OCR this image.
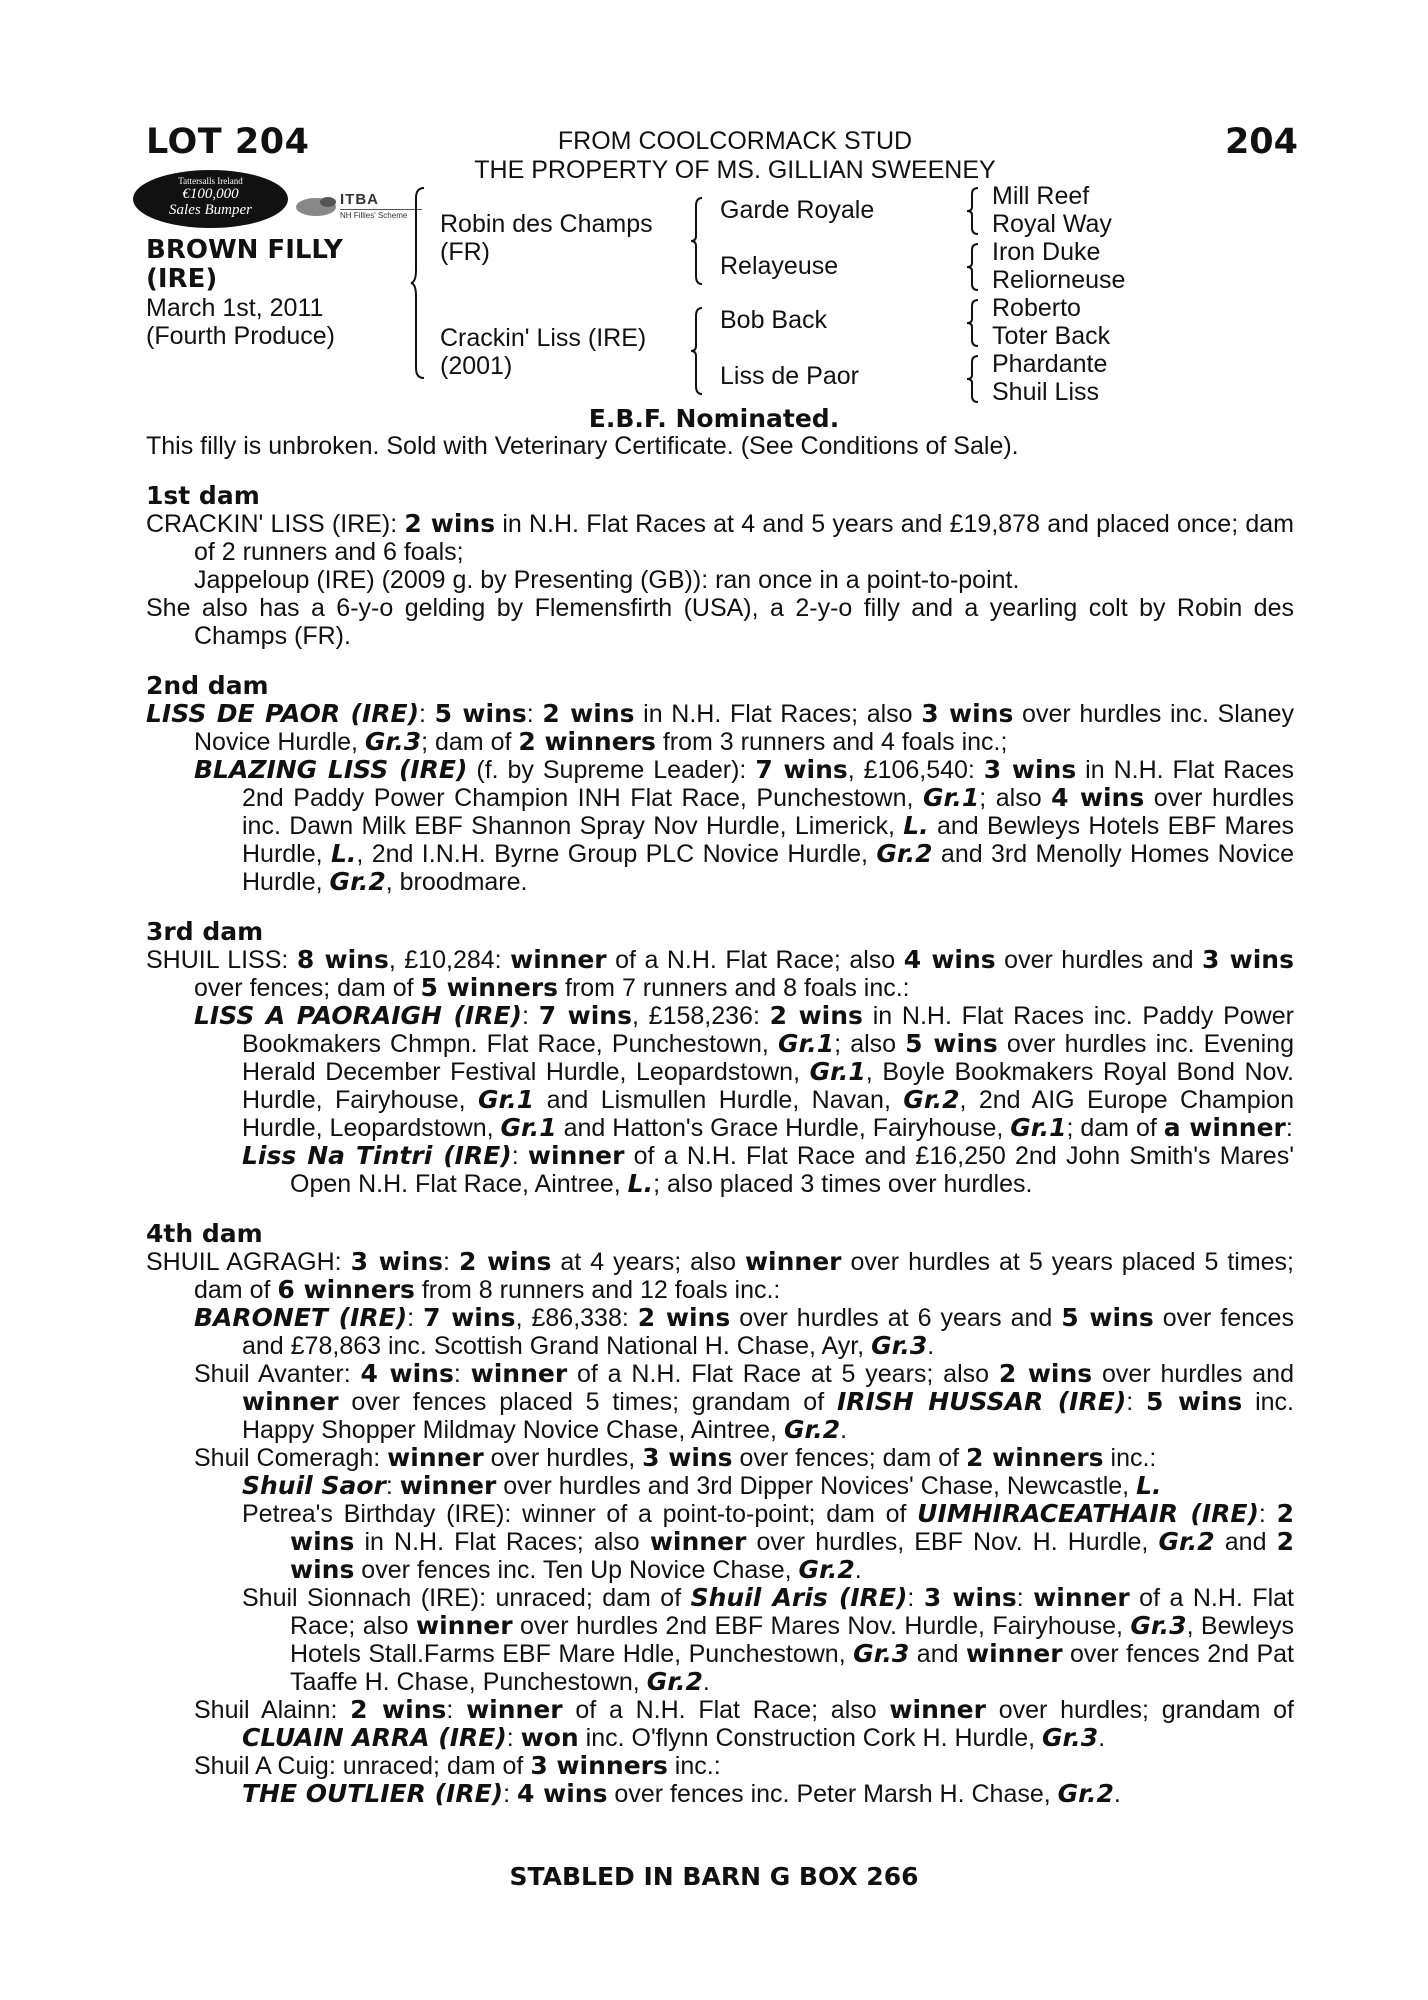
LOT 204	204
FROM COOLCORMACK STUD
THE PROPERTY OF MS. GILLIAN SWEENEY
Tattersalls Ireland
€100,000
Sales Bumper
ITBA
NH Fillies' Scheme
BROWN FILLY
(IRE)
March 1st, 2011
(Fourth Produce)
Robin des Champs
(FR)
Crackin' Liss (IRE)
(2001)
Garde Royale
Relayeuse
Bob Back
Liss de Paor
Mill Reef
Royal Way
Iron Duke
Reliorneuse
Roberto
Toter Back
Phardante
Shuil Liss
E.B.F. Nominated.
This filly is unbroken. Sold with Veterinary Certificate. (See Conditions of Sale).
1st dam

CRACKIN' LISS (IRE): 2 wins in N.H. Flat Races at 4 and 5 years and £19,878 and placed once; dam of 2 runners and 6 foals;

Jappeloup (IRE) (2009 g. by Presenting (GB)): ran once in a point-to-point.

She also has a 6-y-o gelding by Flemensfirth (USA), a 2-y-o filly and a yearling colt by Robin des Champs (FR).

2nd dam

LISS DE PAOR (IRE): 5 wins: 2 wins in N.H. Flat Races; also 3 wins over hurdles inc. Slaney Novice Hurdle, Gr.3; dam of 2 winners from 3 runners and 4 foals inc.;

BLAZING LISS (IRE) (f. by Supreme Leader): 7 wins, £106,540: 3 wins in N.H. Flat Races 2nd Paddy Power Champion INH Flat Race, Punchestown, Gr.1; also 4 wins over hurdles inc. Dawn Milk EBF Shannon Spray Nov Hurdle, Limerick, L. and Bewleys Hotels EBF Mares Hurdle, L., 2nd I.N.H. Byrne Group PLC Novice Hurdle, Gr.2 and 3rd Menolly Homes Novice Hurdle, Gr.2, broodmare.

3rd dam

SHUIL LISS: 8 wins, £10,284: winner of a N.H. Flat Race; also 4 wins over hurdles and 3 wins over fences; dam of 5 winners from 7 runners and 8 foals inc.:

LISS A PAORAIGH (IRE): 7 wins, £158,236: 2 wins in N.H. Flat Races inc. Paddy Power Bookmakers Chmpn. Flat Race, Punchestown, Gr.1; also 5 wins over hurdles inc. Evening Herald December Festival Hurdle, Leopardstown, Gr.1, Boyle Bookmakers Royal Bond Nov. Hurdle, Fairyhouse, Gr.1 and Lismullen Hurdle, Navan, Gr.2, 2nd AIG Europe Champion Hurdle, Leopardstown, Gr.1 and Hatton's Grace Hurdle, Fairyhouse, Gr.1; dam of a winner:

Liss Na Tintri (IRE): winner of a N.H. Flat Race and £16,250 2nd John Smith's Mares' Open N.H. Flat Race, Aintree, L.; also placed 3 times over hurdles.

4th dam

SHUIL AGRAGH: 3 wins: 2 wins at 4 years; also winner over hurdles at 5 years placed 5 times; dam of 6 winners from 8 runners and 12 foals inc.:

BARONET (IRE): 7 wins, £86,338: 2 wins over hurdles at 6 years and 5 wins over fences and £78,863 inc. Scottish Grand National H. Chase, Ayr, Gr.3.

Shuil Avanter: 4 wins: winner of a N.H. Flat Race at 5 years; also 2 wins over hurdles and winner over fences placed 5 times; grandam of IRISH HUSSAR (IRE): 5 wins inc. Happy Shopper Mildmay Novice Chase, Aintree, Gr.2.

Shuil Comeragh: winner over hurdles, 3 wins over fences; dam of 2 winners inc.:

Shuil Saor: winner over hurdles and 3rd Dipper Novices' Chase, Newcastle, L.

Petrea's Birthday (IRE): winner of a point-to-point; dam of UIMHIRACEATHAIR (IRE): 2 wins in N.H. Flat Races; also winner over hurdles, EBF Nov. H. Hurdle, Gr.2 and 2 wins over fences inc. Ten Up Novice Chase, Gr.2.

Shuil Sionnach (IRE): unraced; dam of Shuil Aris (IRE): 3 wins: winner of a N.H. Flat Race; also winner over hurdles 2nd EBF Mares Nov. Hurdle, Fairyhouse, Gr.3, Bewleys Hotels Stall.Farms EBF Mare Hdle, Punchestown, Gr.3 and winner over fences 2nd Pat Taaffe H. Chase, Punchestown, Gr.2.

Shuil Alainn: 2 wins: winner of a N.H. Flat Race; also winner over hurdles; grandam of CLUAIN ARRA (IRE): won inc. O'flynn Construction Cork H. Hurdle, Gr.3.

Shuil A Cuig: unraced; dam of 3 winners inc.:

THE OUTLIER (IRE): 4 wins over fences inc. Peter Marsh H. Chase, Gr.2.

STABLED IN BARN G BOX 266
